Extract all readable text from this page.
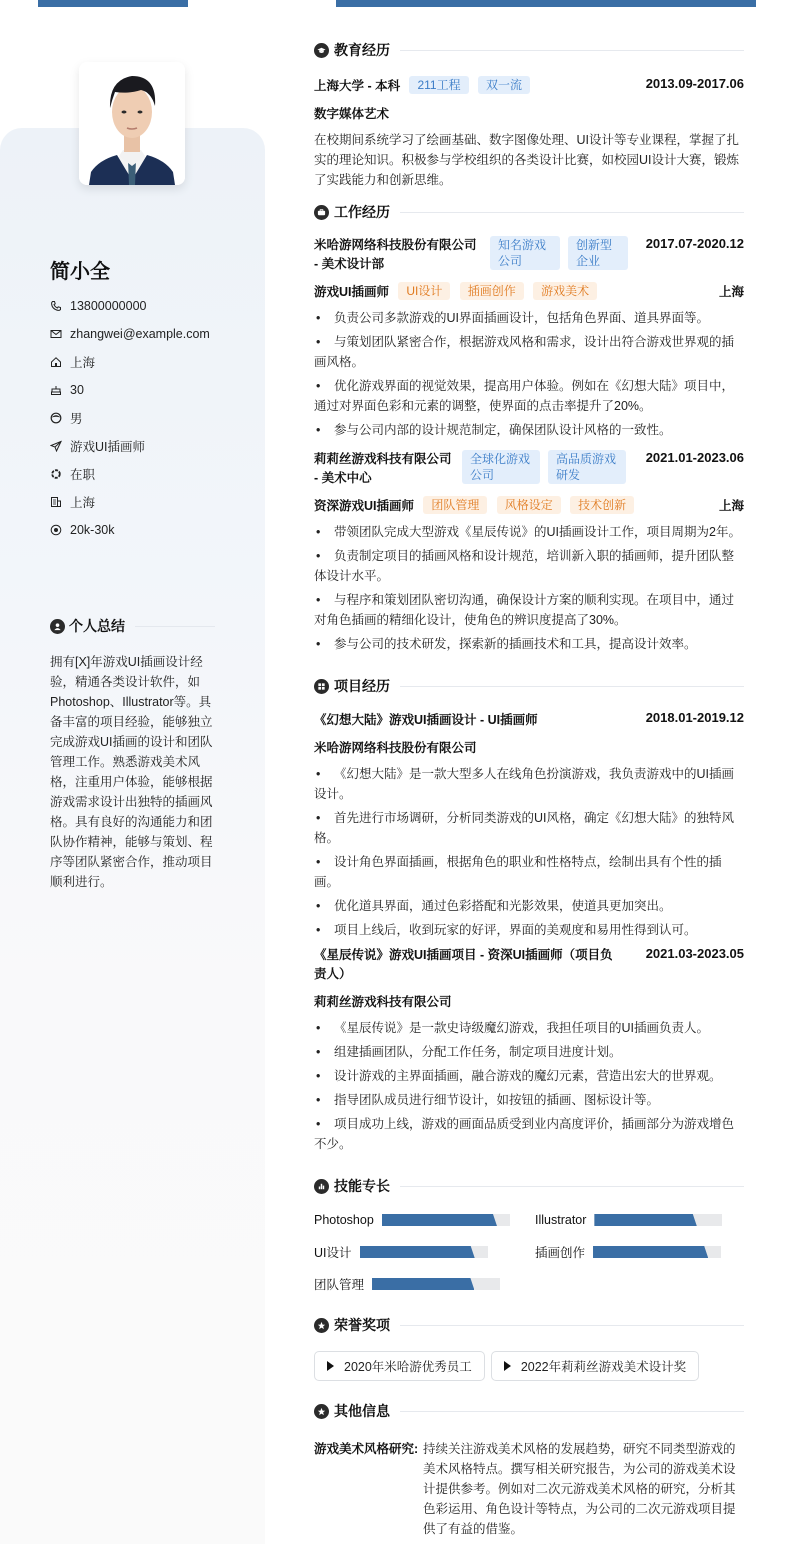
简小全
13800000000
zhangwei@example.com
上海
30
男
游戏UI插画师
在职
上海
20k-30k
个人总结
拥有[X]年游戏UI插画设计经验，精通各类设计软件，如Photoshop、Illustrator等。具备丰富的项目经验，能够独立完成游戏UI插画的设计和团队管理工作。熟悉游戏美术风格，注重用户体验，能够根据游戏需求设计出独特的插画风格。具有良好的沟通能力和团队协作精神，能够与策划、程序等团队紧密合作，推动项目顺利进行。
教育经历
上海大学 - 本科 211工程 双一流	2013.09-2017.06
数字媒体艺术
在校期间系统学习了绘画基础、数字图像处理、UI设计等专业课程，掌握了扎实的理论知识。积极参与学校组织的各类设计比赛，如校园UI设计大赛，锻炼了实践能力和创新思维。
工作经历
米哈游网络科技股份有限公司 - 美术设计部
知名游戏公司
创新型企业
2017.07-2020.12
游戏UI插画师 UI设计 插画创作 游戏美术	上海
• 负责公司多款游戏的UI界面插画设计，包括角色界面、道具界面等。
• 与策划团队紧密合作，根据游戏风格和需求，设计出符合游戏世界观的插画风格。
• 优化游戏界面的视觉效果，提高用户体验。例如在《幻想大陆》项目中，通过对界面色彩和元素的调整，使界面的点击率提升了20%。
• 参与公司内部的设计规范制定，确保团队设计风格的一致性。
莉莉丝游戏科技有限公司 - 美术中心
全球化游戏公司
高品质游戏研发
2021.01-2023.06
资深游戏UI插画师 团队管理 风格设定 技术创新	上海
• 带领团队完成大型游戏《星辰传说》的UI插画设计工作，项目周期为2年。
• 负责制定项目的插画风格和设计规范，培训新入职的插画师，提升团队整体设计水平。
• 与程序和策划团队密切沟通，确保设计方案的顺利实现。在项目中，通过对角色插画的精细化设计，使角色的辨识度提高了30%。
• 参与公司的技术研发，探索新的插画技术和工具，提高设计效率。
项目经历
《幻想大陆》游戏UI插画设计 - UI插画师	2018.01-2019.12
米哈游网络科技股份有限公司
• 《幻想大陆》是一款大型多人在线角色扮演游戏，我负责游戏中的UI插画设计。
• 首先进行市场调研，分析同类游戏的UI风格，确定《幻想大陆》的独特风格。
• 设计角色界面插画，根据角色的职业和性格特点，绘制出具有个性的插画。
• 优化道具界面，通过色彩搭配和光影效果，使道具更加突出。
• 项目上线后，收到玩家的好评，界面的美观度和易用性得到认可。
《星辰传说》游戏UI插画项目 - 资深UI插画师（项目负责人）
2021.03-2023.05
莉莉丝游戏科技有限公司
• 《星辰传说》是一款史诗级魔幻游戏，我担任项目的UI插画负责人。
• 组建插画团队，分配工作任务，制定项目进度计划。
• 设计游戏的主界面插画，融合游戏的魔幻元素，营造出宏大的世界观。
• 指导团队成员进行细节设计，如按钮的插画、图标设计等。
• 项目成功上线，游戏的画面品质受到业内高度评价，插画部分为游戏增色不少。
技能专长
Photoshop	Illustrator
UI设计	插画创作
团队管理
荣誉奖项
2020年米哈游优秀员工	2022年莉莉丝游戏美术设计奖
其他信息
游戏美术风格研究: 持续关注游戏美术风格的发展趋势，研究不同类型游戏的美术风格特点。撰写相关研究报告，为公司的游戏美术设计提供参考。例如对二次元游戏美术风格的研究，分析其色彩运用、角色设计等特点，为公司的二次元游戏项目提供了有益的借鉴。
